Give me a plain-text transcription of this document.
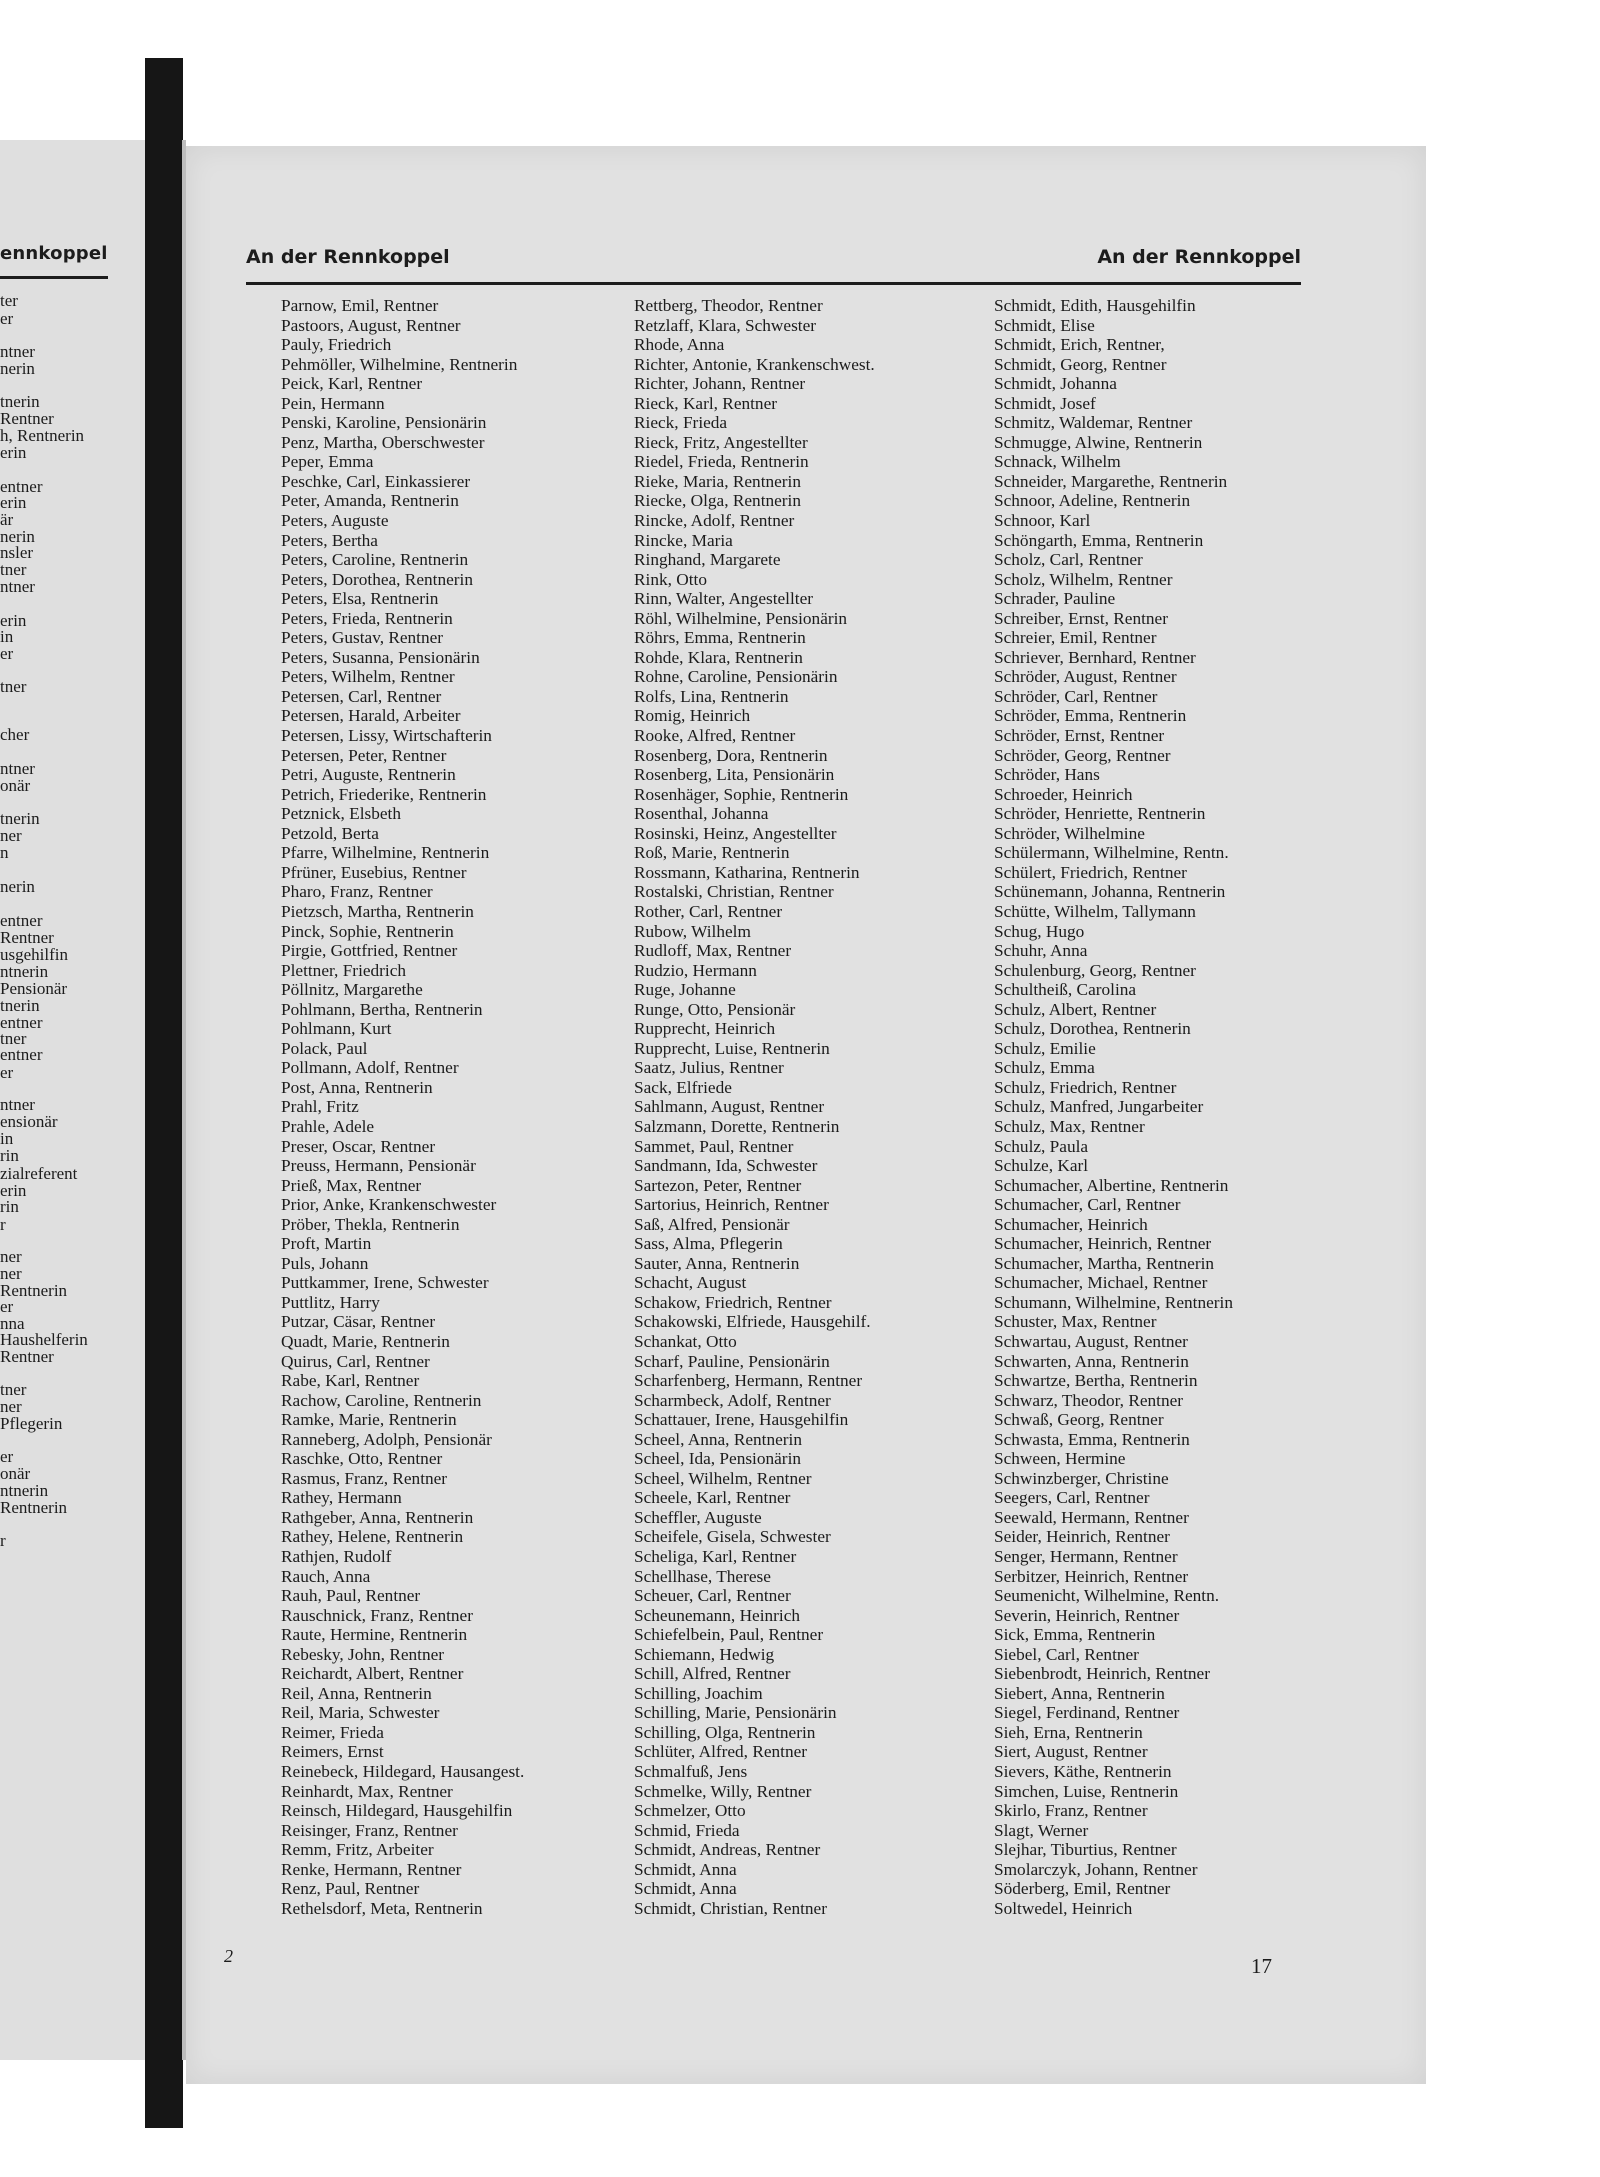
ennkoppel
ter
er
ntner
nerin
tnerin
Rentner
h, Rentnerin
erin
entner
erin
är
nerin
nsler
tner
ntner
erin
in
er
tner
cher
ntner
onär
tnerin
ner
n
nerin
entner
Rentner
usgehilfin
ntnerin
Pensionär
tnerin
entner
tner
entner
er
ntner
ensionär
in
rin
zialreferent
erin
rin
r
ner
ner
Rentnerin
er
nna
Haushelferin
Rentner
tner
ner
Pflegerin
er
onär
ntnerin
Rentnerin
r
An der Rennkoppel	An der Rennkoppel
Parnow, Emil, Rentner
Pastoors, August, Rentner
Pauly, Friedrich
Pehmöller, Wilhelmine, Rentnerin
Peick, Karl, Rentner
Pein, Hermann
Penski, Karoline, Pensionärin
Penz, Martha, Oberschwester
Peper, Emma
Peschke, Carl, Einkassierer
Peter, Amanda, Rentnerin
Peters, Auguste
Peters, Bertha
Peters, Caroline, Rentnerin
Peters, Dorothea, Rentnerin
Peters, Elsa, Rentnerin
Peters, Frieda, Rentnerin
Peters, Gustav, Rentner
Peters, Susanna, Pensionärin
Peters, Wilhelm, Rentner
Petersen, Carl, Rentner
Petersen, Harald, Arbeiter
Petersen, Lissy, Wirtschafterin
Petersen, Peter, Rentner
Petri, Auguste, Rentnerin
Petrich, Friederike, Rentnerin
Petznick, Elsbeth
Petzold, Berta
Pfarre, Wilhelmine, Rentnerin
Pfrüner, Eusebius, Rentner
Pharo, Franz, Rentner
Pietzsch, Martha, Rentnerin
Pinck, Sophie, Rentnerin
Pirgie, Gottfried, Rentner
Plettner, Friedrich
Pöllnitz, Margarethe
Pohlmann, Bertha, Rentnerin
Pohlmann, Kurt
Polack, Paul
Pollmann, Adolf, Rentner
Post, Anna, Rentnerin
Prahl, Fritz
Prahle, Adele
Preser, Oscar, Rentner
Preuss, Hermann, Pensionär
Prieß, Max, Rentner
Prior, Anke, Krankenschwester
Pröber, Thekla, Rentnerin
Proft, Martin
Puls, Johann
Puttkammer, Irene, Schwester
Puttlitz, Harry
Putzar, Cäsar, Rentner
Quadt, Marie, Rentnerin
Quirus, Carl, Rentner
Rabe, Karl, Rentner
Rachow, Caroline, Rentnerin
Ramke, Marie, Rentnerin
Ranneberg, Adolph, Pensionär
Raschke, Otto, Rentner
Rasmus, Franz, Rentner
Rathey, Hermann
Rathgeber, Anna, Rentnerin
Rathey, Helene, Rentnerin
Rathjen, Rudolf
Rauch, Anna
Rauh, Paul, Rentner
Rauschnick, Franz, Rentner
Raute, Hermine, Rentnerin
Rebesky, John, Rentner
Reichardt, Albert, Rentner
Reil, Anna, Rentnerin
Reil, Maria, Schwester
Reimer, Frieda
Reimers, Ernst
Reinebeck, Hildegard, Hausangest.
Reinhardt, Max, Rentner
Reinsch, Hildegard, Hausgehilfin
Reisinger, Franz, Rentner
Remm, Fritz, Arbeiter
Renke, Hermann, Rentner
Renz, Paul, Rentner
Rethelsdorf, Meta, Rentnerin
Rettberg, Theodor, Rentner
Retzlaff, Klara, Schwester
Rhode, Anna
Richter, Antonie, Krankenschwest.
Richter, Johann, Rentner
Rieck, Karl, Rentner
Rieck, Frieda
Rieck, Fritz, Angestellter
Riedel, Frieda, Rentnerin
Rieke, Maria, Rentnerin
Riecke, Olga, Rentnerin
Rincke, Adolf, Rentner
Rincke, Maria
Ringhand, Margarete
Rink, Otto
Rinn, Walter, Angestellter
Röhl, Wilhelmine, Pensionärin
Röhrs, Emma, Rentnerin
Rohde, Klara, Rentnerin
Rohne, Caroline, Pensionärin
Rolfs, Lina, Rentnerin
Romig, Heinrich
Rooke, Alfred, Rentner
Rosenberg, Dora, Rentnerin
Rosenberg, Lita, Pensionärin
Rosenhäger, Sophie, Rentnerin
Rosenthal, Johanna
Rosinski, Heinz, Angestellter
Roß, Marie, Rentnerin
Rossmann, Katharina, Rentnerin
Rostalski, Christian, Rentner
Rother, Carl, Rentner
Rubow, Wilhelm
Rudloff, Max, Rentner
Rudzio, Hermann
Ruge, Johanne
Runge, Otto, Pensionär
Rupprecht, Heinrich
Rupprecht, Luise, Rentnerin
Saatz, Julius, Rentner
Sack, Elfriede
Sahlmann, August, Rentner
Salzmann, Dorette, Rentnerin
Sammet, Paul, Rentner
Sandmann, Ida, Schwester
Sartezon, Peter, Rentner
Sartorius, Heinrich, Rentner
Saß, Alfred, Pensionär
Sass, Alma, Pflegerin
Sauter, Anna, Rentnerin
Schacht, August
Schakow, Friedrich, Rentner
Schakowski, Elfriede, Hausgehilf.
Schankat, Otto
Scharf, Pauline, Pensionärin
Scharfenberg, Hermann, Rentner
Scharmbeck, Adolf, Rentner
Schattauer, Irene, Hausgehilfin
Scheel, Anna, Rentnerin
Scheel, Ida, Pensionärin
Scheel, Wilhelm, Rentner
Scheele, Karl, Rentner
Scheffler, Auguste
Scheifele, Gisela, Schwester
Scheliga, Karl, Rentner
Schellhase, Therese
Scheuer, Carl, Rentner
Scheunemann, Heinrich
Schiefelbein, Paul, Rentner
Schiemann, Hedwig
Schill, Alfred, Rentner
Schilling, Joachim
Schilling, Marie, Pensionärin
Schilling, Olga, Rentnerin
Schlüter, Alfred, Rentner
Schmalfuß, Jens
Schmelke, Willy, Rentner
Schmelzer, Otto
Schmid, Frieda
Schmidt, Andreas, Rentner
Schmidt, Anna
Schmidt, Anna
Schmidt, Christian, Rentner
Schmidt, Edith, Hausgehilfin
Schmidt, Elise
Schmidt, Erich, Rentner,
Schmidt, Georg, Rentner
Schmidt, Johanna
Schmidt, Josef
Schmitz, Waldemar, Rentner
Schmugge, Alwine, Rentnerin
Schnack, Wilhelm
Schneider, Margarethe, Rentnerin
Schnoor, Adeline, Rentnerin
Schnoor, Karl
Schöngarth, Emma, Rentnerin
Scholz, Carl, Rentner
Scholz, Wilhelm, Rentner
Schrader, Pauline
Schreiber, Ernst, Rentner
Schreier, Emil, Rentner
Schriever, Bernhard, Rentner
Schröder, August, Rentner
Schröder, Carl, Rentner
Schröder, Emma, Rentnerin
Schröder, Ernst, Rentner
Schröder, Georg, Rentner
Schröder, Hans
Schroeder, Heinrich
Schröder, Henriette, Rentnerin
Schröder, Wilhelmine
Schülermann, Wilhelmine, Rentn.
Schülert, Friedrich, Rentner
Schünemann, Johanna, Rentnerin
Schütte, Wilhelm, Tallymann
Schug, Hugo
Schuhr, Anna
Schulenburg, Georg, Rentner
Schultheiß, Carolina
Schulz, Albert, Rentner
Schulz, Dorothea, Rentnerin
Schulz, Emilie
Schulz, Emma
Schulz, Friedrich, Rentner
Schulz, Manfred, Jungarbeiter
Schulz, Max, Rentner
Schulz, Paula
Schulze, Karl
Schumacher, Albertine, Rentnerin
Schumacher, Carl, Rentner
Schumacher, Heinrich
Schumacher, Heinrich, Rentner
Schumacher, Martha, Rentnerin
Schumacher, Michael, Rentner
Schumann, Wilhelmine, Rentnerin
Schuster, Max, Rentner
Schwartau, August, Rentner
Schwarten, Anna, Rentnerin
Schwartze, Bertha, Rentnerin
Schwarz, Theodor, Rentner
Schwaß, Georg, Rentner
Schwasta, Emma, Rentnerin
Schween, Hermine
Schwinzberger, Christine
Seegers, Carl, Rentner
Seewald, Hermann, Rentner
Seider, Heinrich, Rentner
Senger, Hermann, Rentner
Serbitzer, Heinrich, Rentner
Seumenicht, Wilhelmine, Rentn.
Severin, Heinrich, Rentner
Sick, Emma, Rentnerin
Siebel, Carl, Rentner
Siebenbrodt, Heinrich, Rentner
Siebert, Anna, Rentnerin
Siegel, Ferdinand, Rentner
Sieh, Erna, Rentnerin
Siert, August, Rentner
Sievers, Käthe, Rentnerin
Simchen, Luise, Rentnerin
Skirlo, Franz, Rentner
Slagt, Werner
Slejhar, Tiburtius, Rentner
Smolarczyk, Johann, Rentner
Söderberg, Emil, Rentner
Soltwedel, Heinrich
2	17
